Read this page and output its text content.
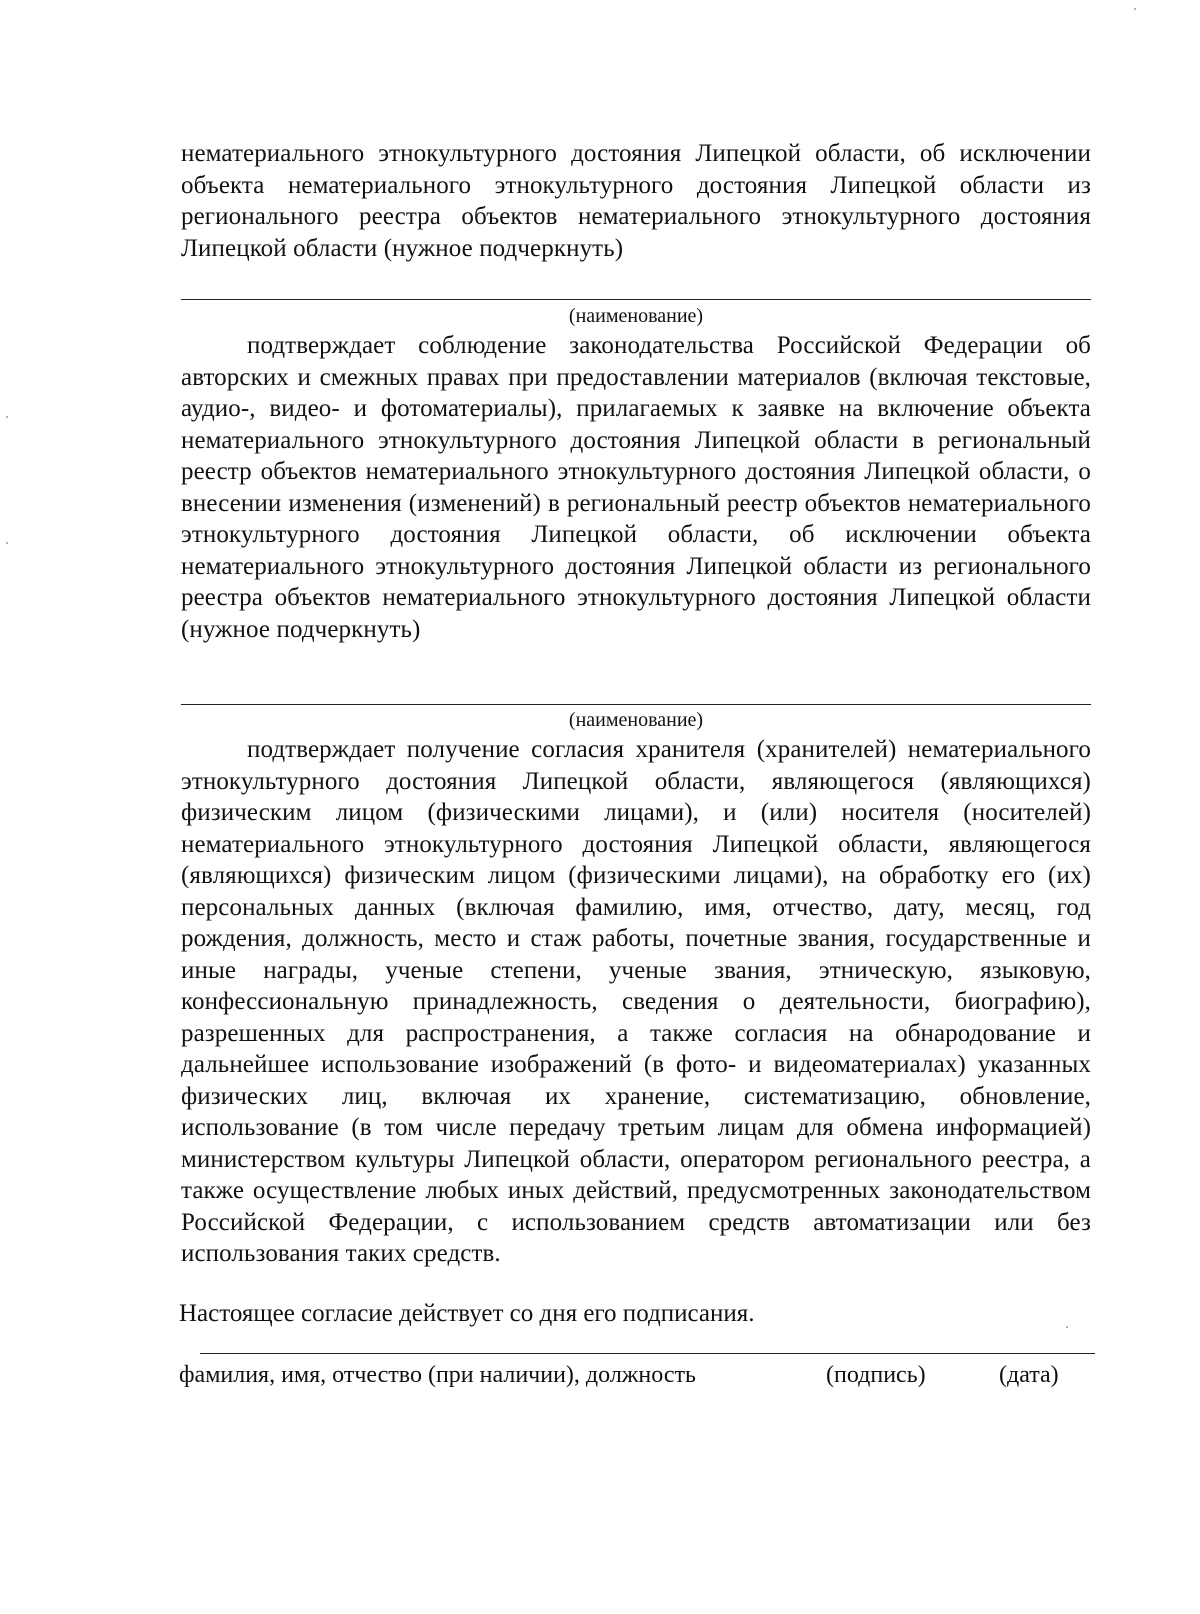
нематериального этнокультурного достояния Липецкой области, об исключении объекта нематериального этнокультурного достояния Липецкой области из регионального реестра объектов нематериального этнокультурного достояния Липецкой области (нужное подчеркнуть)

(наименование)

подтверждает соблюдение законодательства Российской Федерации об авторских и смежных правах при предоставлении материалов (включая текстовые, аудио-, видео- и фотоматериалы), прилагаемых к заявке на включение объекта нематериального этнокультурного достояния Липецкой области в региональный реестр объектов нематериального этнокультурного достояния Липецкой области, о внесении изменения (изменений) в региональный реестр объектов нематериального этнокультурного достояния Липецкой области, об исключении объекта нематериального этнокультурного достояния Липецкой области из регионального реестра объектов нематериального этнокультурного достояния Липецкой области (нужное подчеркнуть)

(наименование)

подтверждает получение согласия хранителя (хранителей) нематериального этнокультурного достояния Липецкой области, являющегося (являющихся) физическим лицом (физическими лицами), и (или) носителя (носителей) нематериального этнокультурного достояния Липецкой области, являющегося (являющихся) физическим лицом (физическими лицами), на обработку его (их) персональных данных (включая фамилию, имя, отчество, дату, месяц, год рождения, должность, место и стаж работы, почетные звания, государственные и иные награды, ученые степени, ученые звания, этническую, языковую, конфессиональную принадлежность, сведения о деятельности, биографию), разрешенных для распространения, а также согласия на обнародование и дальнейшее использование изображений (в фото- и видеоматериалах) указанных физических лиц, включая их хранение, систематизацию, обновление, использование (в том числе передачу третьим лицам для обмена информацией) министерством культуры Липецкой области, оператором регионального реестра, а также осуществление любых иных действий, предусмотренных законодательством Российской Федерации, с использованием средств автоматизации или без использования таких средств.

Настоящее согласие действует со дня его подписания.
фамилия, имя, отчество (при наличии), должность	(подпись)	(дата)
